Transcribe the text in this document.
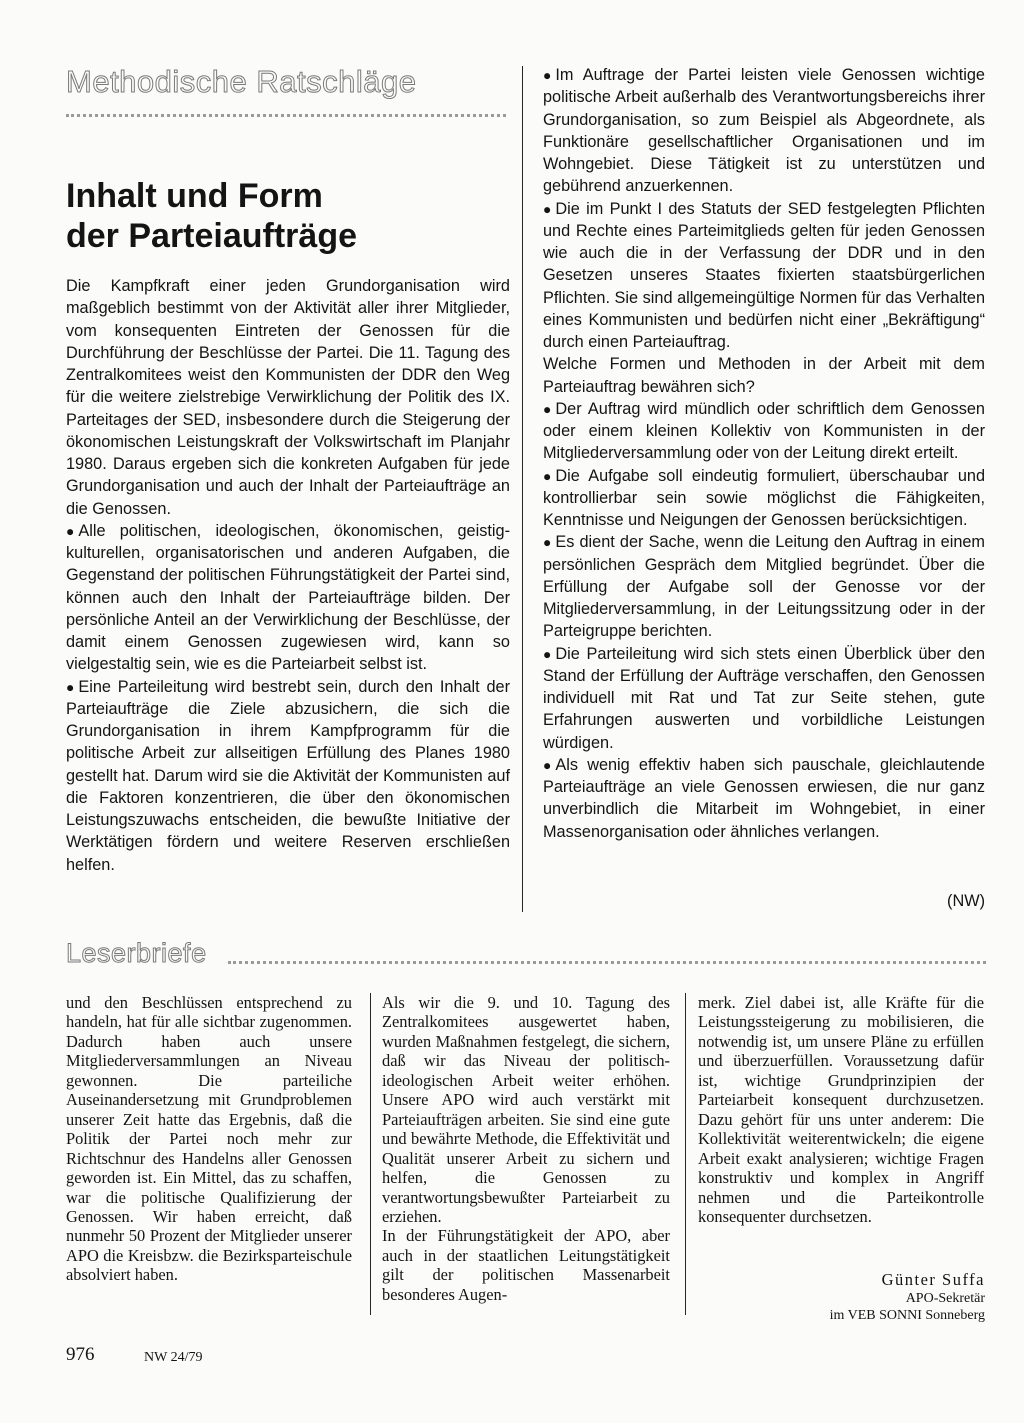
Methodische Ratschläge
Inhalt und Form
der Parteiaufträge

Die Kampfkraft einer jeden Grundorganisation wird maßgeblich bestimmt von der Aktivität aller ihrer Mitglieder, vom konsequenten Eintreten der Genossen für die Durchführung der Beschlüsse der Partei. Die 11. Tagung des Zentralkomitees weist den Kommunisten der DDR den Weg für die weitere zielstrebige Verwirklichung der Politik des IX. Parteitages der SED, insbesondere durch die Steigerung der ökonomischen Leistungskraft der Volkswirtschaft im Planjahr 1980. Daraus ergeben sich die konkreten Aufgaben für jede Grundorganisation und auch der Inhalt der Parteiaufträge an die Genossen.

● Alle politischen, ideologischen, ökonomischen, geistig-kulturellen, organisatorischen und anderen Aufgaben, die Gegenstand der politischen Führungstätigkeit der Partei sind, können auch den Inhalt der Parteiaufträge bilden. Der persönliche Anteil an der Verwirklichung der Beschlüsse, der damit einem Genossen zugewiesen wird, kann so vielgestaltig sein, wie es die Parteiarbeit selbst ist.

● Eine Parteileitung wird bestrebt sein, durch den Inhalt der Parteiaufträge die Ziele abzusichern, die sich die Grundorganisation in ihrem Kampfprogramm für die politische Arbeit zur allseitigen Erfüllung des Planes 1980 gestellt hat. Darum wird sie die Aktivität der Kommunisten auf die Faktoren konzentrieren, die über den ökonomischen Leistungszuwachs entscheiden, die bewußte Initiative der Werktätigen fördern und weitere Reserven erschließen helfen.

● Im Auftrage der Partei leisten viele Genossen wichtige politische Arbeit außerhalb des Verantwortungsbereichs ihrer Grundorganisation, so zum Beispiel als Abgeordnete, als Funktionäre gesellschaftlicher Organisationen und im Wohngebiet. Diese Tätigkeit ist zu unterstützen und gebührend anzuerkennen.

● Die im Punkt I des Statuts der SED festgelegten Pflichten und Rechte eines Parteimitglieds gelten für jeden Genossen wie auch die in der Verfassung der DDR und in den Gesetzen unseres Staates fixierten staatsbürgerlichen Pflichten. Sie sind allgemeingültige Normen für das Verhalten eines Kommunisten und bedürfen nicht einer „Bekräftigung“ durch einen Parteiauftrag.

Welche Formen und Methoden in der Arbeit mit dem Parteiauftrag bewähren sich?

● Der Auftrag wird mündlich oder schriftlich dem Genossen oder einem kleinen Kollektiv von Kommunisten in der Mitgliederversammlung oder von der Leitung direkt erteilt.

● Die Aufgabe soll eindeutig formuliert, überschaubar und kontrollierbar sein sowie möglichst die Fähigkeiten, Kenntnisse und Neigungen der Genossen berücksichtigen.

● Es dient der Sache, wenn die Leitung den Auftrag in einem persönlichen Gespräch dem Mitglied begründet. Über die Erfüllung der Aufgabe soll der Genosse vor der Mitgliederversammlung, in der Leitungssitzung oder in der Parteigruppe berichten.

● Die Parteileitung wird sich stets einen Überblick über den Stand der Erfüllung der Aufträge verschaffen, den Genossen individuell mit Rat und Tat zur Seite stehen, gute Erfahrungen auswerten und vorbildliche Leistungen würdigen.

● Als wenig effektiv haben sich pauschale, gleichlautende Parteiaufträge an viele Genossen erwiesen, die nur ganz unverbindlich die Mitarbeit im Wohngebiet, in einer Massenorganisation oder ähnliches verlangen.

(NW)
Leserbriefe

und den Beschlüssen entsprechend zu handeln, hat für alle sichtbar zugenommen. Dadurch haben auch unsere Mitgliederversammlungen an Niveau gewonnen. Die parteiliche Auseinandersetzung mit Grundproblemen unserer Zeit hatte das Ergebnis, daß die Politik der Partei noch mehr zur Richtschnur des Handelns aller Genossen geworden ist. Ein Mittel, das zu schaffen, war die politische Qualifizierung der Genossen. Wir haben erreicht, daß nunmehr 50 Prozent der Mitglieder unserer APO die Kreisbzw. die Bezirksparteischule absolviert haben.

Als wir die 9. und 10. Tagung des Zentralkomitees ausgewertet haben, wurden Maßnahmen festgelegt, die sichern, daß wir das Niveau der politisch-ideologischen Arbeit weiter erhöhen. Unsere APO wird auch verstärkt mit Parteiaufträgen arbeiten. Sie sind eine gute und bewährte Methode, die Effektivität und Qualität unserer Arbeit zu sichern und helfen, die Genossen zu verantwortungsbewußter Parteiarbeit zu erziehen.

In der Führungstätigkeit der APO, aber auch in der staatlichen Leitungstätigkeit gilt der politischen Massenarbeit besonderes Augen-

merk. Ziel dabei ist, alle Kräfte für die Leistungssteigerung zu mobilisieren, die notwendig ist, um unsere Pläne zu erfüllen und überzuerfüllen. Voraussetzung dafür ist, wichtige Grundprinzipien der Parteiarbeit konsequent durchzusetzen. Dazu gehört für uns unter anderem: Die Kollektivität weiterentwickeln; die eigene Arbeit exakt analysieren; wichtige Fragen konstruktiv und komplex in Angriff nehmen und die Parteikontrolle konsequenter durchsetzen.

Günter Suffa
APO-Sekretär
im VEB SONNI Sonneberg
976	NW 24/79
